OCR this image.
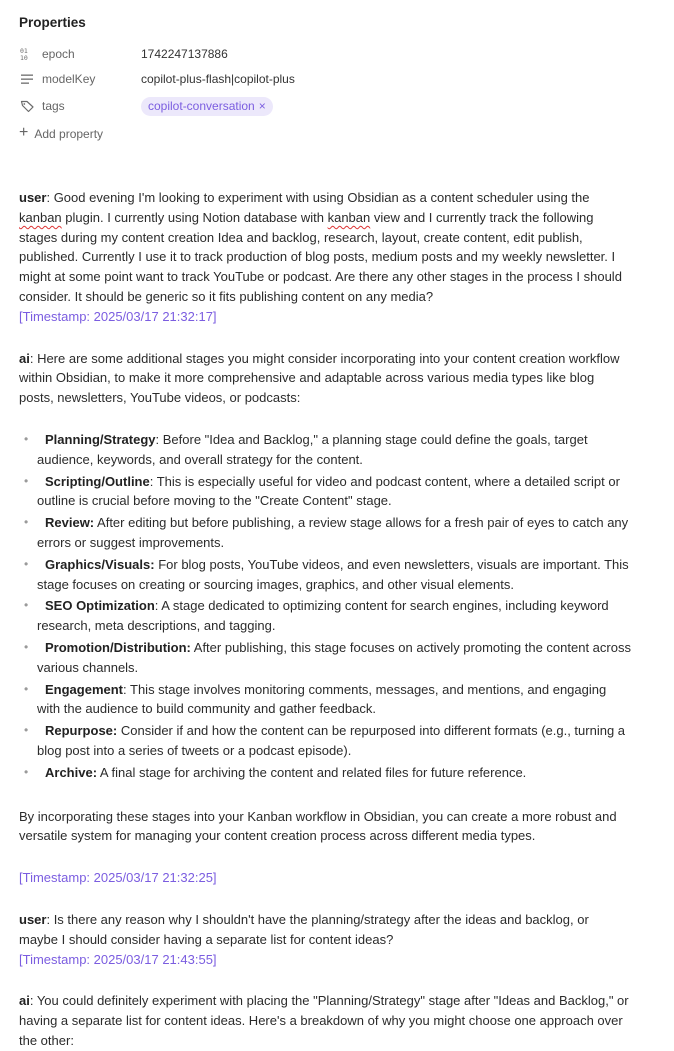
Properties
01
10 epoch	1742247137886
modelKey	copilot-plus-flash|copilot-plus
tags	copilot-conversation ×
+ Add property

user: Good evening I'm looking to experiment with using Obsidian as a content scheduler using the kanban plugin. I currently using Notion database with kanban view and I currently track the following stages during my content creation Idea and backlog, research, layout, create content, edit publish, published. Currently I use it to track production of blog posts, medium posts and my weekly newsletter. I might at some point want to track YouTube or podcast. Are there any other stages in the process I should consider. It should be generic so it fits publishing content on any media?

[Timestamp: 2025/03/17 21:32:17]

ai: Here are some additional stages you might consider incorporating into your content creation workflow within Obsidian, to make it more comprehensive and adaptable across various media types like blog posts, newsletters, YouTube videos, or podcasts:

• Planning/Strategy: Before "Idea and Backlog," a planning stage could define the goals, target audience, keywords, and overall strategy for the content.
• Scripting/Outline: This is especially useful for video and podcast content, where a detailed script or outline is crucial before moving to the "Create Content" stage.
• Review: After editing but before publishing, a review stage allows for a fresh pair of eyes to catch any errors or suggest improvements.
• Graphics/Visuals: For blog posts, YouTube videos, and even newsletters, visuals are important. This stage focuses on creating or sourcing images, graphics, and other visual elements.
• SEO Optimization: A stage dedicated to optimizing content for search engines, including keyword research, meta descriptions, and tagging.
• Promotion/Distribution: After publishing, this stage focuses on actively promoting the content across various channels.
• Engagement: This stage involves monitoring comments, messages, and mentions, and engaging with the audience to build community and gather feedback.
• Repurpose: Consider if and how the content can be repurposed into different formats (e.g., turning a blog post into a series of tweets or a podcast episode).
• Archive: A final stage for archiving the content and related files for future reference.

By incorporating these stages into your Kanban workflow in Obsidian, you can create a more robust and versatile system for managing your content creation process across different media types.

[Timestamp: 2025/03/17 21:32:25]

user: Is there any reason why I shouldn't have the planning/strategy after the ideas and backlog, or maybe I should consider having a separate list for content ideas?

[Timestamp: 2025/03/17 21:43:55]

ai: You could definitely experiment with placing the "Planning/Strategy" stage after "Ideas and Backlog," or having a separate list for content ideas. Here's a breakdown of why you might choose one approach over the other:
